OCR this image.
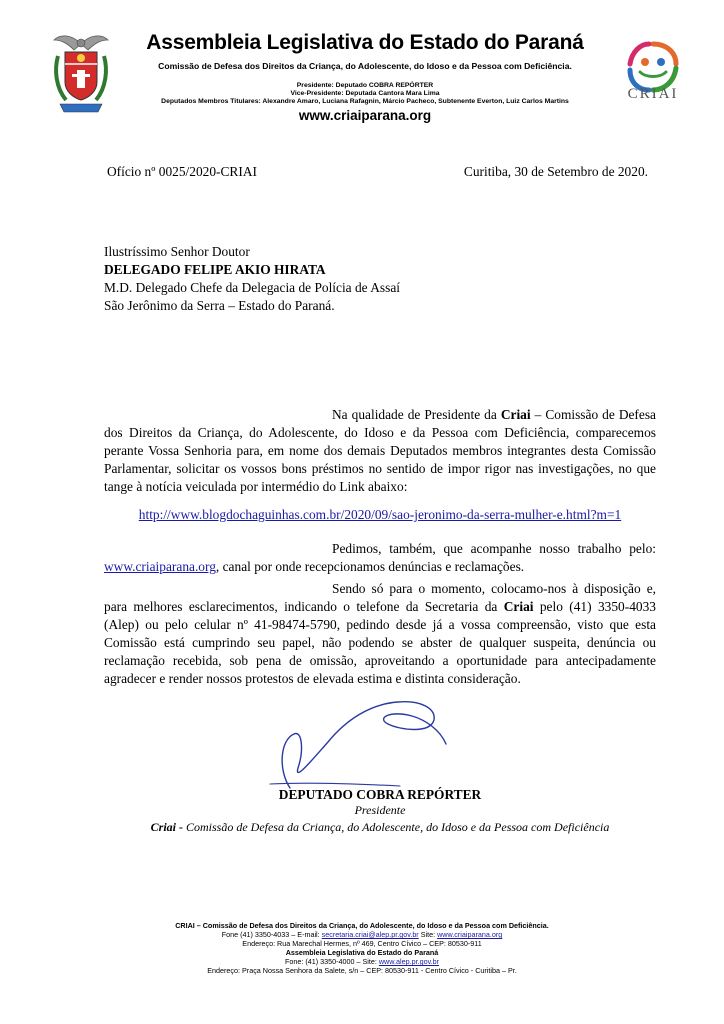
Assembleia Legislativa do Estado do Paraná
Comissão de Defesa dos Direitos da Criança, do Adolescente, do Idoso e da Pessoa com Deficiência.
Presidente: Deputado COBRA REPÓRTER
Vice-Presidente: Deputada Cantora Mara Lima
Deputados Membros Titulares: Alexandre Amaro, Luciana Rafagnin, Márcio Pacheco, Subtenente Everton, Luiz Carlos Martins
www.criaiparana.org
CRIAI
Ofício nº 0025/2020-CRIAI	Curitiba, 30 de Setembro de 2020.
Ilustríssimo Senhor Doutor
DELEGADO FELIPE AKIO HIRATA
M.D. Delegado Chefe da Delegacia de Polícia de Assaí
São Jerônimo da Serra – Estado do Paraná.
Na qualidade de Presidente da Criai – Comissão de Defesa dos Direitos da Criança, do Adolescente, do Idoso e da Pessoa com Deficiência, comparecemos perante Vossa Senhoria para, em nome dos demais Deputados membros integrantes desta Comissão Parlamentar, solicitar os vossos bons préstimos no sentido de impor rigor nas investigações, no que tange à notícia veiculada por intermédio do Link abaixo:
http://www.blogdochaguinhas.com.br/2020/09/sao-jeronimo-da-serra-mulher-e.html?m=1
Pedimos, também, que acompanhe nosso trabalho pelo: www.criaiparana.org, canal por onde recepcionamos denúncias e reclamações.
Sendo só para o momento, colocamo-nos à disposição e, para melhores esclarecimentos, indicando o telefone da Secretaria da Criai pelo (41) 3350-4033 (Alep) ou pelo celular nº 41-98474-5790, pedindo desde já a vossa compreensão, visto que esta Comissão está cumprindo seu papel, não podendo se abster de qualquer suspeita, denúncia ou reclamação recebida, sob pena de omissão, aproveitando a oportunidade para antecipadamente agradecer e render nossos protestos de elevada estima e distinta consideração.
DEPUTADO COBRA REPÓRTER
Presidente
Criai - Comissão de Defesa da Criança, do Adolescente, do Idoso e da Pessoa com Deficiência
CRIAI – Comissão de Defesa dos Direitos da Criança, do Adolescente, do Idoso e da Pessoa com Deficiência.
Fone (41) 3350-4033 – E-mail: secretaria.criai@alep.pr.gov.br Site: www.criaiparana.org
Endereço: Rua Marechal Hermes, nº 469, Centro Cívico – CEP: 80530-911
Assembleia Legislativa do Estado do Paraná
Fone: (41) 3350-4000 – Site: www.alep.pr.gov.br
Endereço: Praça Nossa Senhora da Salete, s/n – CEP: 80530-911 - Centro Cívico - Curitiba – Pr.
